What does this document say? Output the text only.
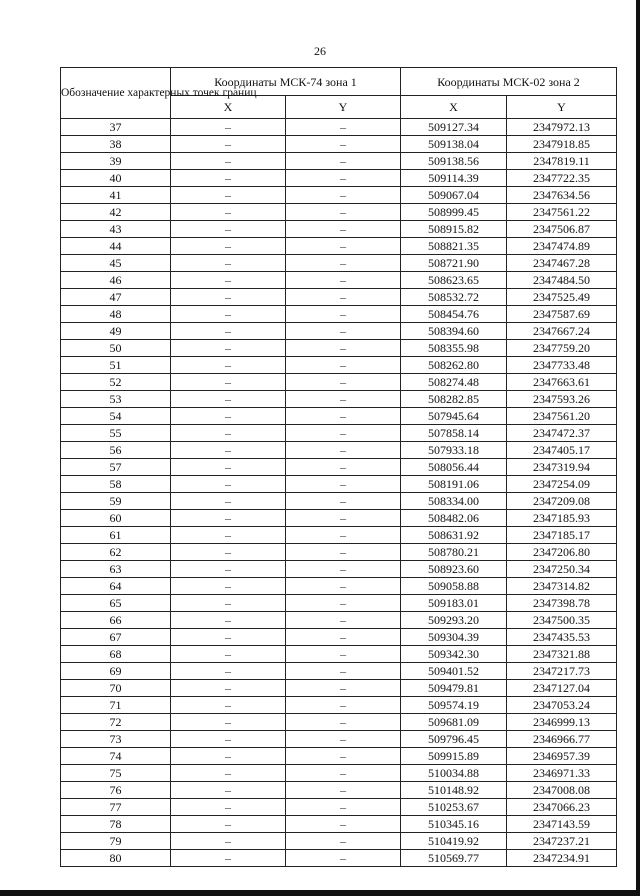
26
Обозначение характерных точек границ	Координаты МСК-74 зона 1		Координаты МСК-02 зона 2	
	X	Y	X	Y
37	–	–	509127.34	2347972.13
38	–	–	509138.04	2347918.85
39	–	–	509138.56	2347819.11
40	–	–	509114.39	2347722.35
41	–	–	509067.04	2347634.56
42	–	–	508999.45	2347561.22
43	–	–	508915.82	2347506.87
44	–	–	508821.35	2347474.89
45	–	–	508721.90	2347467.28
46	–	–	508623.65	2347484.50
47	–	–	508532.72	2347525.49
48	–	–	508454.76	2347587.69
49	–	–	508394.60	2347667.24
50	–	–	508355.98	2347759.20
51	–	–	508262.80	2347733.48
52	–	–	508274.48	2347663.61
53	–	–	508282.85	2347593.26
54	–	–	507945.64	2347561.20
55	–	–	507858.14	2347472.37
56	–	–	507933.18	2347405.17
57	–	–	508056.44	2347319.94
58	–	–	508191.06	2347254.09
59	–	–	508334.00	2347209.08
60	–	–	508482.06	2347185.93
61	–	–	508631.92	2347185.17
62	–	–	508780.21	2347206.80
63	–	–	508923.60	2347250.34
64	–	–	509058.88	2347314.82
65	–	–	509183.01	2347398.78
66	–	–	509293.20	2347500.35
67	–	–	509304.39	2347435.53
68	–	–	509342.30	2347321.88
69	–	–	509401.52	2347217.73
70	–	–	509479.81	2347127.04
71	–	–	509574.19	2347053.24
72	–	–	509681.09	2346999.13
73	–	–	509796.45	2346966.77
74	–	–	509915.89	2346957.39
75	–	–	510034.88	2346971.33
76	–	–	510148.92	2347008.08
77	–	–	510253.67	2347066.23
78	–	–	510345.16	2347143.59
79	–	–	510419.92	2347237.21
80	–	–	510569.77	2347234.91
